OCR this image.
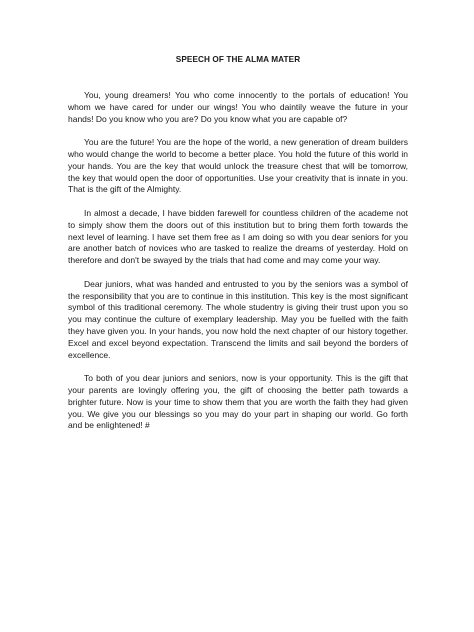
SPEECH OF THE ALMA MATER

You, young dreamers! You who come innocently to the portals of education! You whom we have cared for under our wings! You who daintily weave the future in your hands! Do you know who you are? Do you know what you are capable of?

You are the future! You are the hope of the world, a new generation of dream builders who would change the world to become a better place. You hold the future of this world in your hands. You are the key that would unlock the treasure chest that will be tomorrow, the key that would open the door of opportunities. Use your creativity that is innate in you. That is the gift of the Almighty.

In almost a decade, I have bidden farewell for countless children of the academe not to simply show them the doors out of this institution but to bring them forth towards the next level of learning. I have set them free as I am doing so with you dear seniors for you are another batch of novices who are tasked to realize the dreams of yesterday. Hold on therefore and don't be swayed by the trials that had come and may come your way.

Dear juniors, what was handed and entrusted to you by the seniors was a symbol of the responsibility that you are to continue in this institution. This key is the most significant symbol of this traditional ceremony. The whole studentry is giving their trust upon you so you may continue the culture of exemplary leadership. May you be fuelled with the faith they have given you. In your hands, you now hold the next chapter of our history together. Excel and excel beyond expectation. Transcend the limits and sail beyond the borders of excellence.

To both of you dear juniors and seniors, now is your opportunity. This is the gift that your parents are lovingly offering you, the gift of choosing the better path towards a brighter future. Now is your time to show them that you are worth the faith they had given you. We give you our blessings so you may do your part in shaping our world. Go forth and be enlightened! #
